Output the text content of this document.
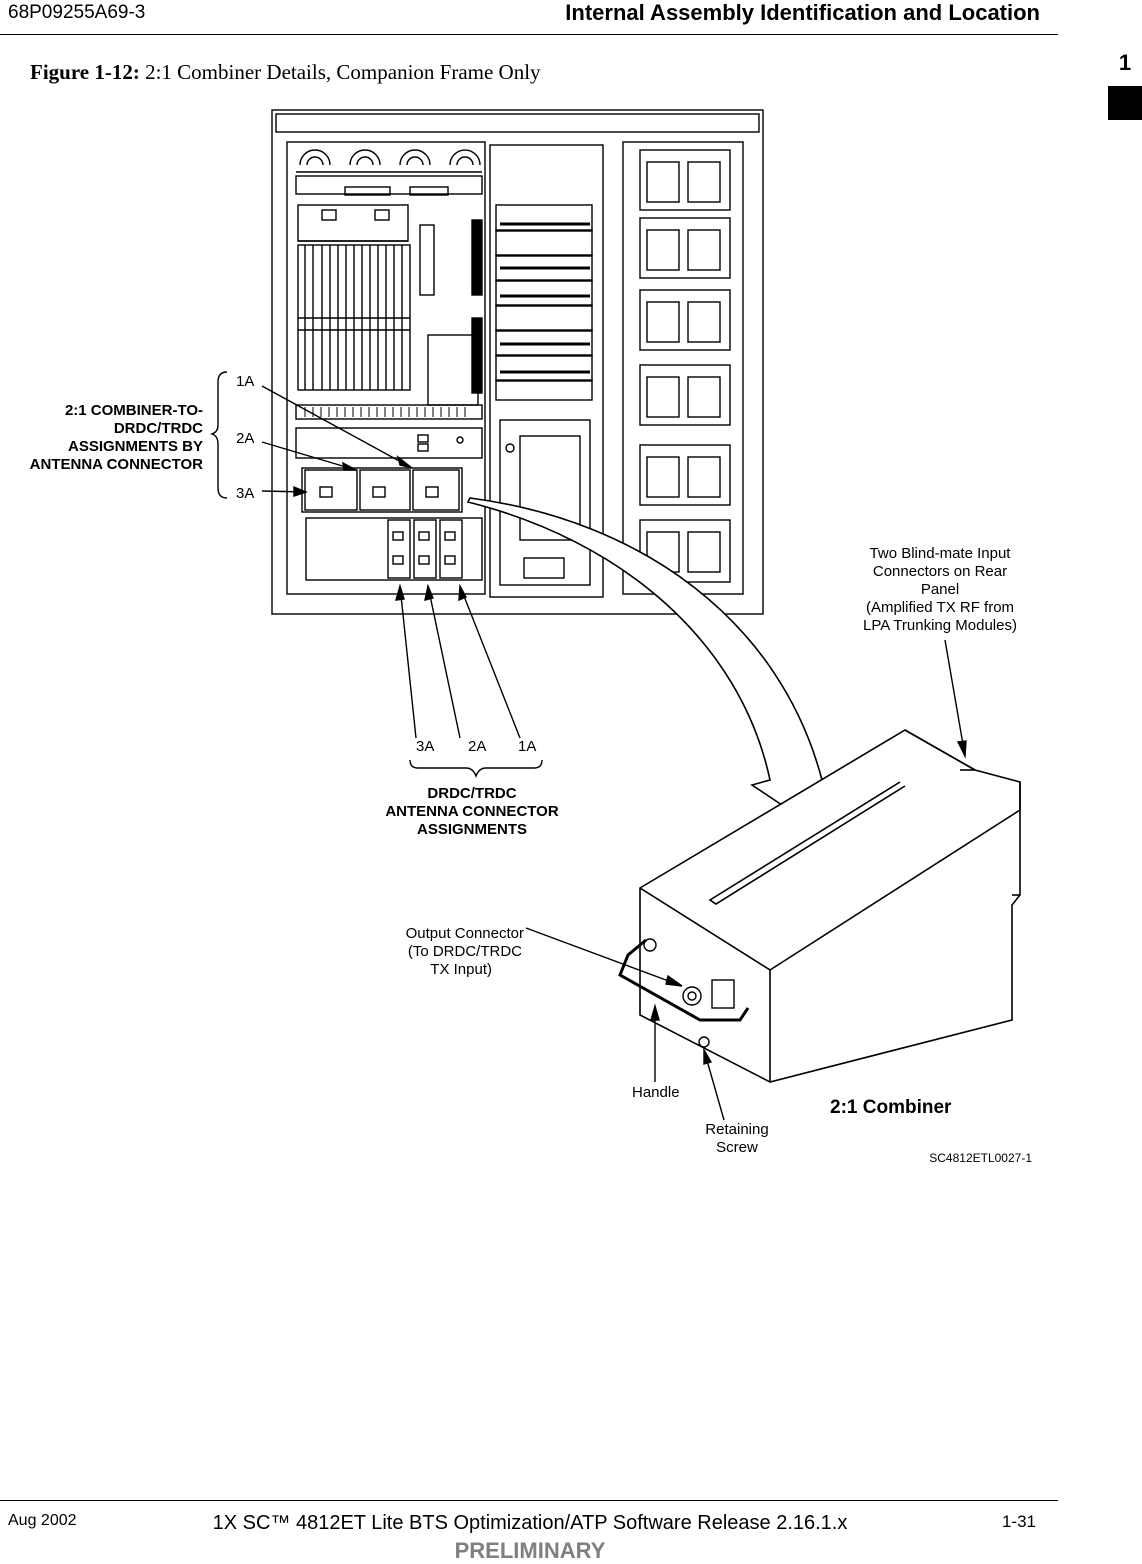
68P09255A69-3	Internal Assembly Identification and Location
1
Figure 1-12: 2:1 Combiner Details, Companion Frame Only
2:1 COMBINER-TO-
DRDC/TRDC
ASSIGNMENTS BY
ANTENNA CONNECTOR
1A
2A
3A
3A 2A 1A
DRDC/TRDC
ANTENNA CONNECTOR
ASSIGNMENTS
Two Blind-mate Input
Connectors on Rear
Panel
(Amplified TX RF from
LPA Trunking Modules)
Output Connector
(To DRDC/TRDC
TX Input)
Handle
Retaining
Screw
2:1 Combiner
SC4812ETL0027-1
Aug 2002	1X SC™ 4812ET Lite BTS Optimization/ATP Software Release 2.16.1.x	1-31
PRELIMINARY
